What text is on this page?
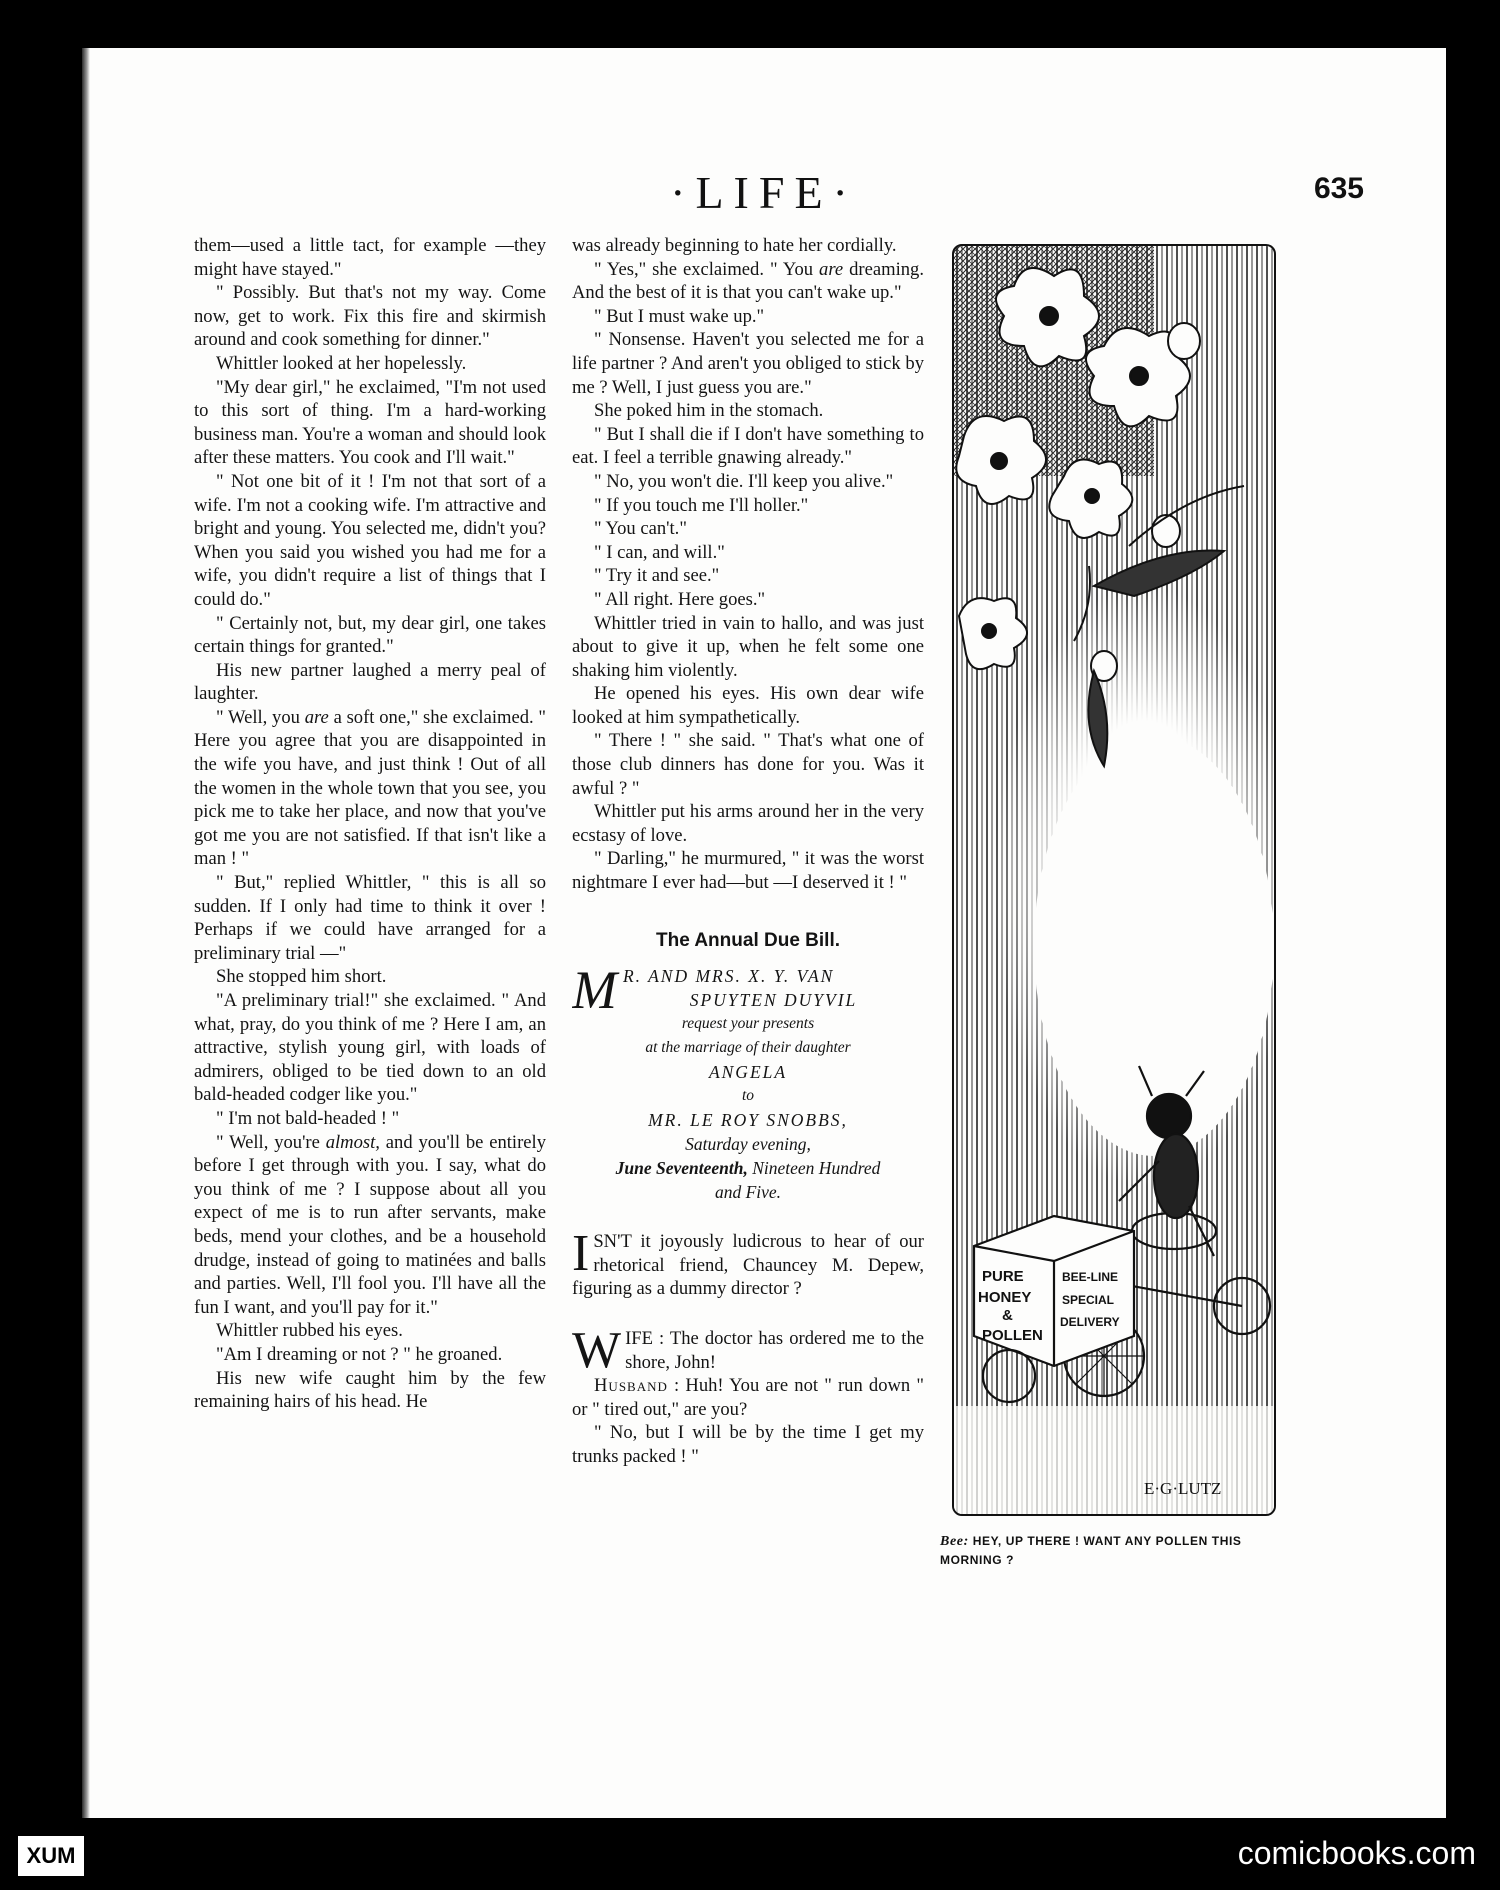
·LIFE·	635

them—used a little tact, for example —they might have stayed."

" Possibly. But that's not my way. Come now, get to work. Fix this fire and skirmish around and cook something for dinner."

Whittler looked at her hopelessly.

"My dear girl," he exclaimed, "I'm not used to this sort of thing. I'm a hard-working business man. You're a woman and should look after these matters. You cook and I'll wait."

" Not one bit of it ! I'm not that sort of a wife. I'm not a cooking wife. I'm attractive and bright and young. You selected me, didn't you? When you said you wished you had me for a wife, you didn't require a list of things that I could do."

" Certainly not, but, my dear girl, one takes certain things for granted."

His new partner laughed a merry peal of laughter.

" Well, you are a soft one," she exclaimed. " Here you agree that you are disappointed in the wife you have, and just think ! Out of all the women in the whole town that you see, you pick me to take her place, and now that you've got me you are not satisfied. If that isn't like a man ! "

" But," replied Whittler, " this is all so sudden. If I only had time to think it over ! Perhaps if we could have arranged for a preliminary trial —"

She stopped him short.

"A preliminary trial!" she exclaimed. " And what, pray, do you think of me ? Here I am, an attractive, stylish young girl, with loads of admirers, obliged to be tied down to an old bald-headed codger like you."

" I'm not bald-headed ! "

" Well, you're almost, and you'll be entirely before I get through with you. I say, what do you think of me ? I suppose about all you expect of me is to run after servants, make beds, mend your clothes, and be a household drudge, instead of going to matinées and balls and parties. Well, I'll fool you. I'll have all the fun I want, and you'll pay for it."

Whittler rubbed his eyes.

"Am I dreaming or not ? " he groaned.

His new wife caught him by the few remaining hairs of his head. He

was already beginning to hate her cordially.

" Yes," she exclaimed. " You are dreaming. And the best of it is that you can't wake up."

" But I must wake up."

" Nonsense. Haven't you selected me for a life partner ? And aren't you obliged to stick by me ? Well, I just guess you are."

She poked him in the stomach.

" But I shall die if I don't have something to eat. I feel a terrible gnawing already."

" No, you won't die. I'll keep you alive."

" If you touch me I'll holler."

" You can't."

" I can, and will."

" Try it and see."

" All right. Here goes."

Whittler tried in vain to hallo, and was just about to give it up, when he felt some one shaking him violently.

He opened his eyes. His own dear wife looked at him sympathetically.

" There ! " she said. " That's what one of those club dinners has done for you. Was it awful ? "

Whittler put his arms around her in the very ecstasy of love.

" Darling," he murmured, " it was the worst nightmare I ever had—but —I deserved it ! "

The Annual Due Bill.
M R. AND MRS. X. Y. VAN
SPUYTEN DUYVIL
request your presents
at the marriage of their daughter
ANGELA
to
MR. LE ROY SNOBBS,
Saturday evening,
June Seventeenth, Nineteen Hundred
and Five.
I SN'T it joyously ludicrous to hear of our rhetorical friend, Chauncey M. Depew, figuring as a dummy director ?

W IFE : The doctor has ordered me to the shore, John!

Husband : Huh! You are not " run down " or " tired out," are you?

" No, but I will be by the time I get my trunks packed ! "

PURE
HONEY
&
POLLEN
BEE-LINE
SPECIAL
DELIVERY
E·G·LUTZ
Bee: HEY, UP THERE ! WANT ANY POLLEN THIS MORNING ?
XUM	comicbooks.com
